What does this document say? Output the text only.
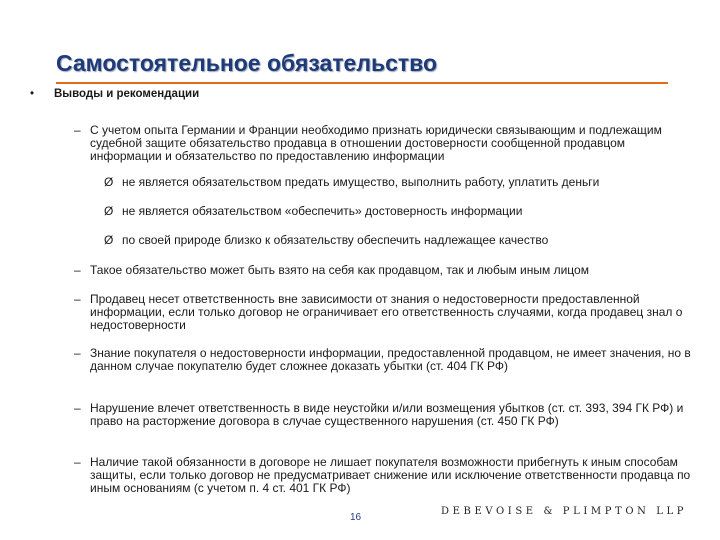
Самостоятельное обязательство
• Выводы и рекомендации
– С учетом опыта Германии и Франции необходимо признать юридически связывающим и подлежащим судебной защите обязательство продавца в отношении достоверности сообщенной продавцом информации и обязательство по предоставлению информации
Ø не является обязательством предать имущество, выполнить работу, уплатить деньги
Ø не является обязательством «обеспечить» достоверность информации
Ø по своей природе близко к обязательству обеспечить надлежащее качество
– Такое обязательство может быть взято на себя как продавцом, так и любым иным лицом
– Продавец несет ответственность вне зависимости от знания о недостоверности предоставленной информации, если только договор не ограничивает его ответственность случаями, когда продавец знал о недостоверности
– Знание покупателя о недостоверности информации, предоставленной продавцом, не имеет значения, но в данном случае покупателю будет сложнее доказать убытки (ст. 404 ГК РФ)
– Нарушение влечет ответственность в виде неустойки и/или возмещения убытков (ст. ст. 393, 394 ГК РФ) и право на расторжение договора в случае существенного нарушения (ст. 450 ГК РФ)
– Наличие такой обязанности в договоре не лишает покупателя возможности прибегнуть к иным способам защиты, если только договор не предусматривает снижение или исключение ответственности продавца по иным основаниям (с учетом п. 4 ст. 401 ГК РФ)
16
DEBEVOISE & PLIMPTON LLP
